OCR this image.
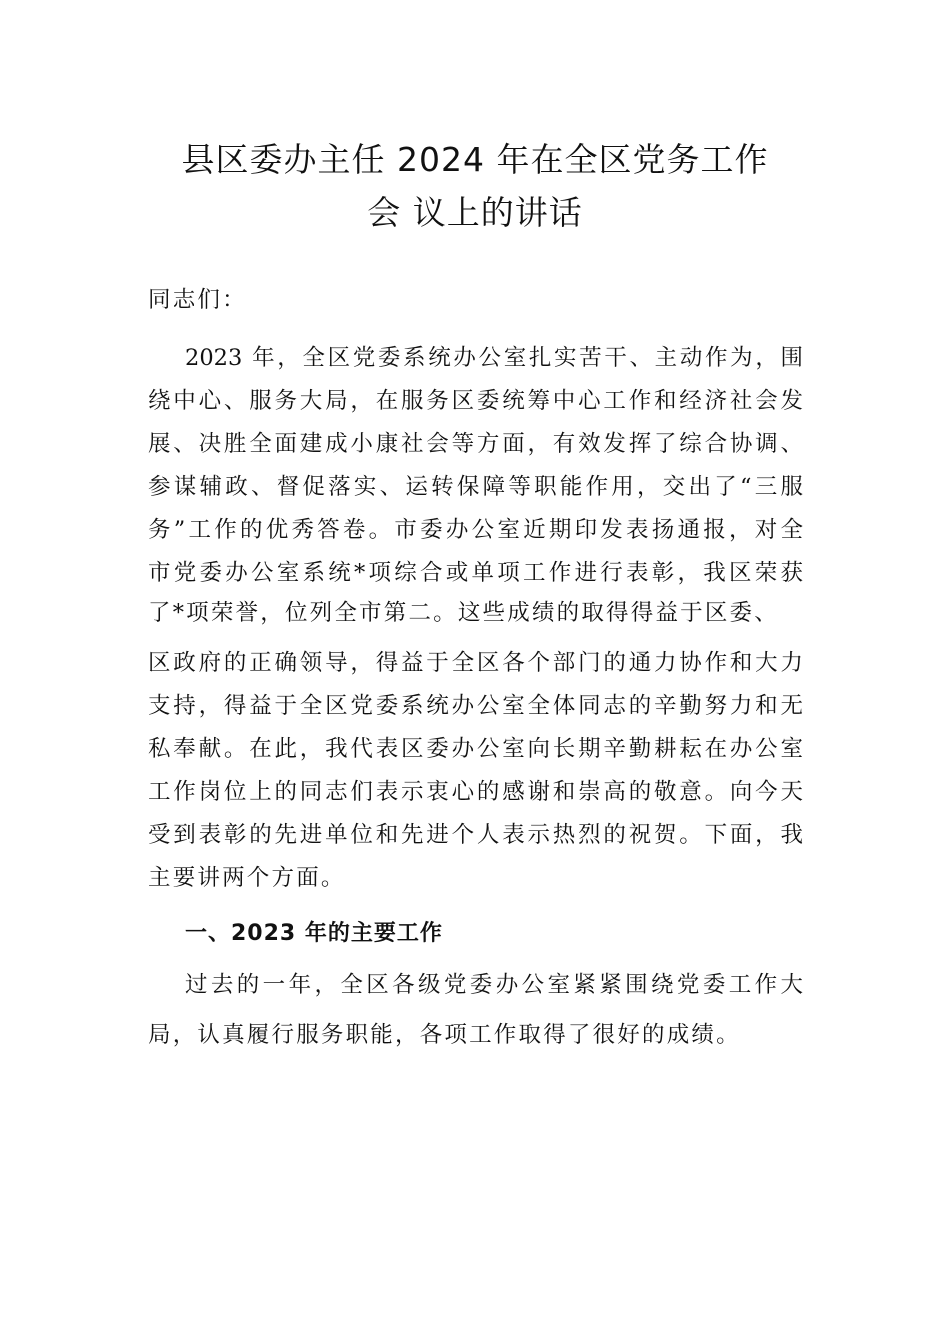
县区委办主任 2024 年在全区党务工作
会 议上的讲话
同志们：
2023 年，全区党委系统办公室扎实苦干、主动作为，围
绕中心、服务大局，在服务区委统筹中心工作和经济社会发
展、决胜全面建成小康社会等方面，有效发挥了综合协调、
参谋辅政、督促落实、运转保障等职能作用，交出了“三服
务”工作的优秀答卷。市委办公室近期印发表扬通报，对全
市党委办公室系统*项综合或单项工作进行表彰，我区荣获
了*项荣誉，位列全市第二。这些成绩的取得得益于区委、
区政府的正确领导，得益于全区各个部门的通力协作和大力
支持，得益于全区党委系统办公室全体同志的辛勤努力和无
私奉献。在此，我代表区委办公室向长期辛勤耕耘在办公室
工作岗位上的同志们表示衷心的感谢和崇高的敬意。向今天
受到表彰的先进单位和先进个人表示热烈的祝贺。下面，我
主要讲两个方面。
一、2023 年的主要工作
过去的一年，全区各级党委办公室紧紧围绕党委工作大
局，认真履行服务职能，各项工作取得了很好的成绩。
